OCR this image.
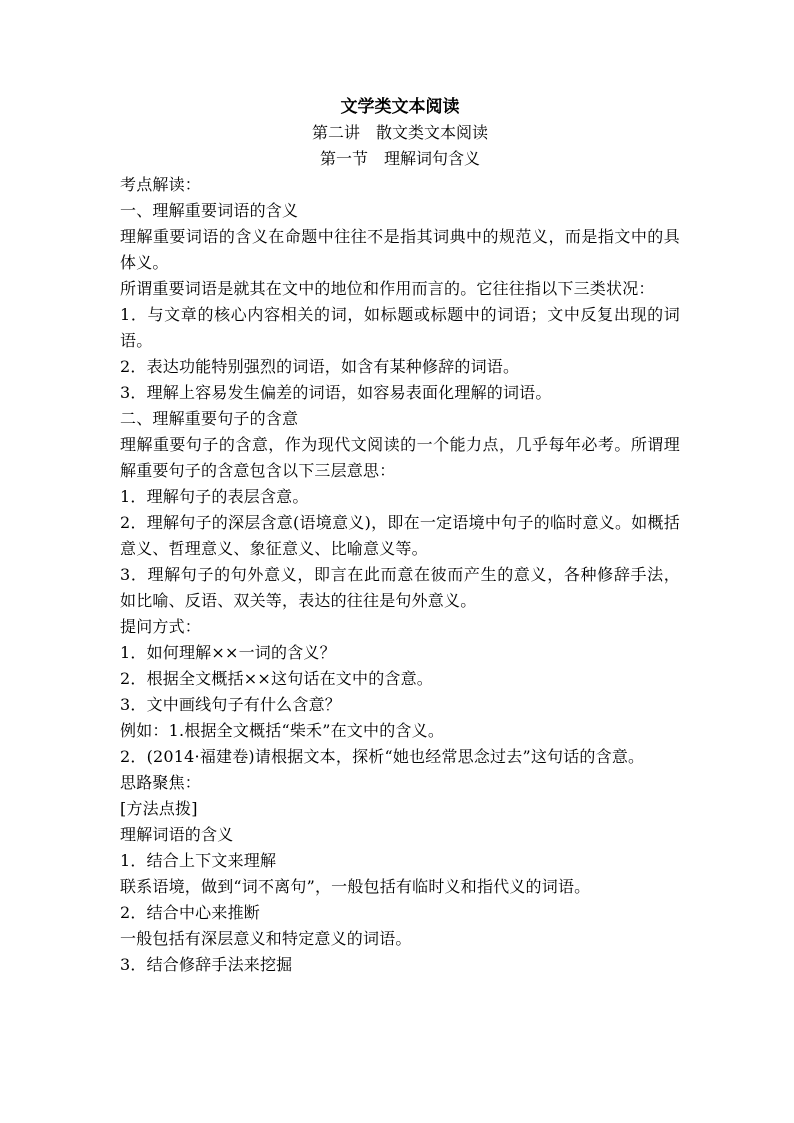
文学类文本阅读
第二讲　散文类文本阅读
第一节　理解词句含义

考点解读：

一、理解重要词语的含义

理解重要词语的含义在命题中往往不是指其词典中的规范义，而是指文中的具体义。

所谓重要词语是就其在文中的地位和作用而言的。它往往指以下三类状况：

1．与文章的核心内容相关的词，如标题或标题中的词语；文中反复出现的词语。

2．表达功能特别强烈的词语，如含有某种修辞的词语。

3．理解上容易发生偏差的词语，如容易表面化理解的词语。

二、理解重要句子的含意

理解重要句子的含意，作为现代文阅读的一个能力点，几乎每年必考。所谓理解重要句子的含意包含以下三层意思：

1．理解句子的表层含意。

2．理解句子的深层含意(语境意义)，即在一定语境中句子的临时意义。如概括意义、哲理意义、象征意义、比喻意义等。

3．理解句子的句外意义，即言在此而意在彼而产生的意义，各种修辞手法，如比喻、反语、双关等，表达的往往是句外意义。

提问方式：

1．如何理解××一词的含义？

2．根据全文概括××这句话在文中的含意。

3．文中画线句子有什么含意？

例如：1.根据全文概括“柴禾”在文中的含义。

2．(2014·福建卷)请根据文本，探析“她也经常思念过去”这句话的含意。

思路聚焦：

[方法点拨]

理解词语的含义

1．结合上下文来理解

联系语境，做到“词不离句”，一般包括有临时义和指代义的词语。

2．结合中心来推断

一般包括有深层意义和特定意义的词语。

3．结合修辞手法来挖掘
